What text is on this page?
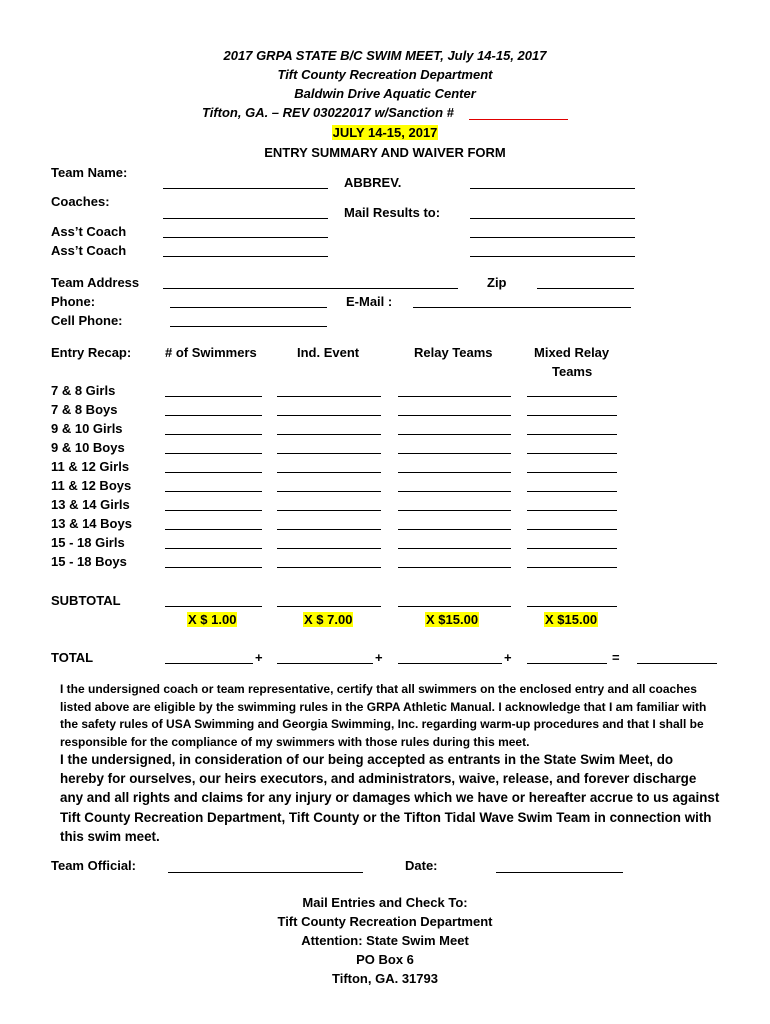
2017 GRPA STATE B/C SWIM MEET, July 14-15, 2017
Tift County Recreation Department
Baldwin Drive Aquatic Center
Tifton, GA. – REV 03022017 w/Sanction #
JULY 14-15, 2017
ENTRY SUMMARY AND WAIVER FORM
Team Name:
ABBREV.
Coaches:
Mail Results to:
Ass’t Coach
Ass’t Coach
Team Address	Zip
Phone:	E-Mail :
Cell Phone:
Entry Recap:	# of Swimmers	Ind. Event	Relay Teams	Mixed Relay
Teams
7 & 8 Girls
7 & 8 Boys
9 & 10 Girls
9 & 10 Boys
11 & 12 Girls
11 & 12 Boys
13 & 14 Girls
13 & 14 Boys
15 - 18 Girls
15 - 18 Boys
SUBTOTAL
X $ 1.00	X $ 7.00	X $15.00	X $15.00
TOTAL	+	+	+	=
I the undersigned coach or team representative, certify that all swimmers on the enclosed entry and all coaches listed above are eligible by the swimming rules in the GRPA Athletic Manual. I acknowledge that I am familiar with the safety rules of USA Swimming and Georgia Swimming, Inc. regarding warm-up procedures and that I shall be responsible for the compliance of my swimmers with those rules during this meet.
I the undersigned, in consideration of our being accepted as entrants in the State Swim Meet, do hereby for ourselves, our heirs executors, and administrators, waive, release, and forever discharge any and all rights and claims for any injury or damages which we have or hereafter accrue to us against Tift County Recreation Department, Tift County or the Tifton Tidal Wave Swim Team in connection with this swim meet.
Team Official:	Date:
Mail Entries and Check To:
Tift County Recreation Department
Attention: State Swim Meet
PO Box 6
Tifton, GA. 31793
